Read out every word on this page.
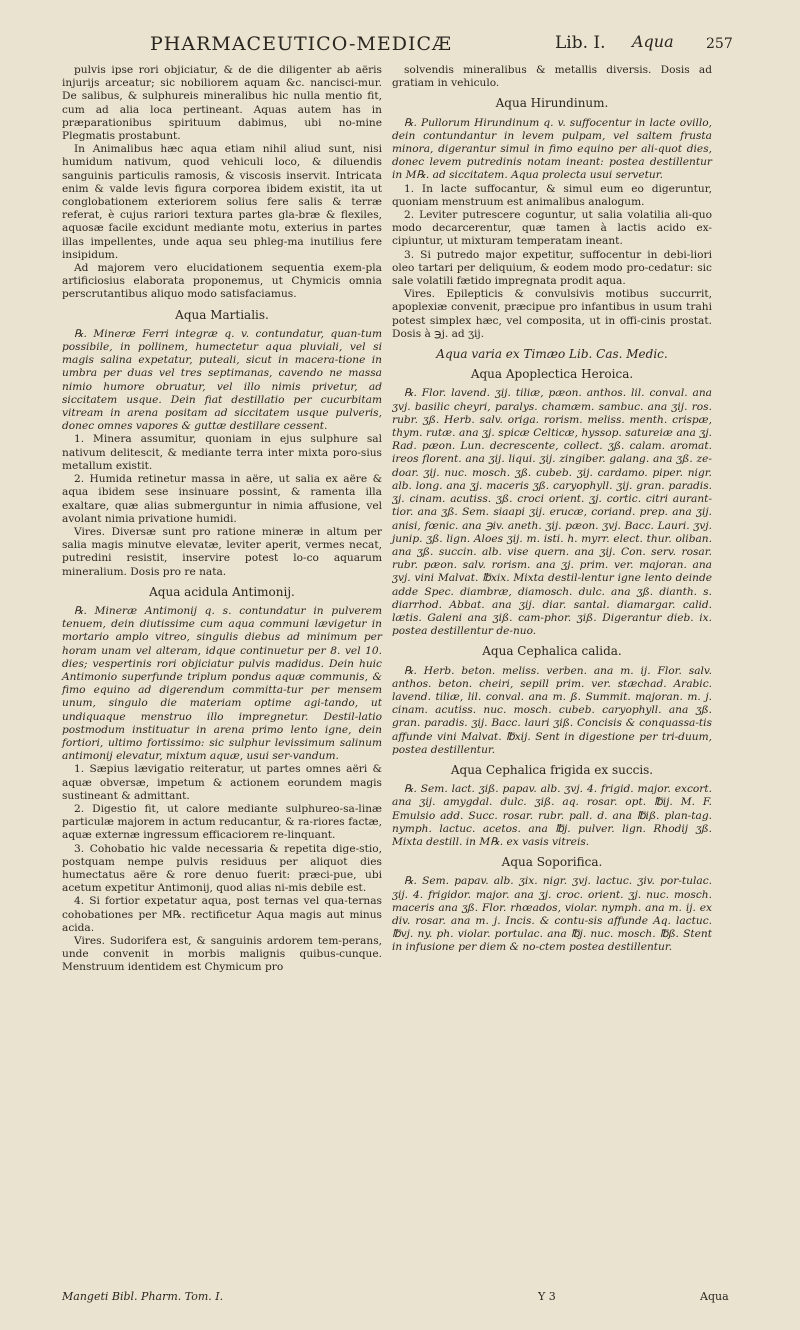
PHARMACEUTICO-MEDICÆ	Lib. I. Aqua 257

pulvis ipse rori objiciatur, & de die diligenter ab aëris injurijs arceatur; sic nobiliorem aquam &c. nancisci-mur. De salibus, & sulphureis mineralibus hic nulla mentio fit, cum ad alia loca pertineant. Aquas autem has in præparationibus spirituum dabimus, ubi no-mine Plegmatis prostabunt.

In Animalibus hæc aqua etiam nihil aliud sunt, nisi humidum nativum, quod vehiculi loco, & diluendis sanguinis particulis ramosis, & viscosis inservit. Intricata enim & valde levis figura corporea ibidem existit, ita ut conglobationem exteriorem solius fere salis & terræ referat, è cujus rariori textura partes gla-bræ & flexiles, aquosæ facile excidunt mediante motu, exterius in partes illas impellentes, unde aqua seu phleg-ma inutilius fere insipidum.

Ad majorem vero elucidationem sequentia exem-pla artificiosius elaborata proponemus, ut Chymicis omnia perscrutantibus aliquo modo satisfaciamus.

Aqua Martialis.

℞. Mineræ Ferri integræ q. v. contundatur, quan-tum possibile, in pollinem, humectetur aqua pluviali, vel si magis salina expetatur, puteali, sicut in macera-tione in umbra per duas vel tres septimanas, cavendo ne massa nimio humore obruatur, vel illo nimis privetur, ad siccitatem usque. Dein fiat destillatio per cucurbitam vitream in arena positam ad siccitatem usque pulveris, donec omnes vapores & guttæ destillare cessent.

1. Minera assumitur, quoniam in ejus sulphure sal nativum delitescit, & mediante terra inter mixta poro-sius metallum existit.

2. Humida retinetur massa in aëre, ut salia ex aëre & aqua ibidem sese insinuare possint, & ramenta illa exaltare, quæ alias submerguntur in nimia affusione, vel avolant nimia privatione humidi.

Vires. Diversæ sunt pro ratione mineræ in altum per salia magis minutve elevatæ, leviter aperit, vermes necat, putredini resistit, inservire potest lo-co aquarum mineralium. Dosis pro re nata.

Aqua acidula Antimonij.

℞. Mineræ Antimonij q. s. contundatur in pulverem tenuem, dein diutissime cum aqua communi lævigetur in mortario amplo vitreo, singulis diebus ad minimum per horam unam vel alteram, idque continuetur per 8. vel 10. dies; vespertinis rori objiciatur pulvis madidus. Dein huic Antimonio superfunde triplum pondus aquæ communis, & fimo equino ad digerendum committa-tur per mensem unum, singulo die materiam optime agi-tando, ut undiquaque menstruo illo impregnetur. Destil-latio postmodum instituatur in arena primo lento igne, dein fortiori, ultimo fortissimo: sic sulphur levissimum salinum antimonij elevatur, mixtum aquæ, usui ser-vandum.

1. Sæpius lævigatio reiteratur, ut partes omnes aëri & aquæ obversæ, impetum & actionem eorundem magis sustineant & admittant.

2. Digestio fit, ut calore mediante sulphureo-sa-linæ particulæ majorem in actum reducantur, & ra-riores factæ, aquæ externæ ingressum efficaciorem re-linquant.

3. Cohobatio hic valde necessaria & repetita dige-stio, postquam nempe pulvis residuus per aliquot dies humectatus aëre & rore denuo fuerit: præci-pue, ubi acetum expetitur Antimonij, quod alias ni-mis debile est.

4. Si fortior expetatur aqua, post ternas vel qua-ternas cohobationes per M℞. rectificetur Aqua magis aut minus acida.

Vires. Sudorifera est, & sanguinis ardorem tem-perans, unde convenit in morbis malignis quibus-cunque. Menstruum identidem est Chymicum pro

solvendis mineralibus & metallis diversis. Dosis ad gratiam in vehiculo.

Aqua Hirundinum.

℞. Pullorum Hirundinum q. v. suffocentur in lacte ovillo, dein contundantur in levem pulpam, vel saltem frusta minora, digerantur simul in fimo equino per ali-quot dies, donec levem putredinis notam ineant: postea destillentur in M℞. ad siccitatem. Aqua prolecta usui servetur.

1. In lacte suffocantur, & simul eum eo digeruntur, quoniam menstruum est animalibus analogum.

2. Leviter putrescere coguntur, ut salia volatilia ali-quo modo decarcerentur, quæ tamen à lactis acido ex-cipiuntur, ut mixturam temperatam ineant.

3. Si putredo major expetitur, suffocentur in debi-liori oleo tartari per deliquium, & eodem modo pro-cedatur: sic sale volatili fætido impregnata prodit aqua.

Vires. Epilepticis & convulsivis motibus succurrit, apoplexiæ convenit, præcipue pro infantibus in usum trahi potest simplex hæc, vel composita, ut in offi-cinis prostat. Dosis à ℈j. ad ʒij.

Aqua varia ex Timæo Lib. Cas. Medic.
Aqua Apoplectica Heroica.

℞. Flor. lavend. ʒij. tiliæ, pæon. anthos. lil. conval. ana ʒvj. basilic cheyri, paralys. chamæm. sambuc. ana ʒij. ros. rubr. ʒß. Herb. salv. origa. rorism. meliss. menth. crispæ, thym. rutæ. ana ʒj. spicæ Celticæ, hyssop. satureiæ ana ʒj. Rad. pæon. Lun. decrescente, collect. ʒß. calam. aromat. ireos florent. ana ʒij. liqui. ʒij. zingiber. galang. ana ʒß. ze-doar. ʒij. nuc. mosch. ʒß. cubeb. ʒij. cardamo. piper. nigr. alb. long. ana ʒj. maceris ʒß. caryophyll. ʒij. gran. paradis. ʒj. cinam. acutiss. ʒß. croci orient. ʒj. cortic. citri aurant-tior. ana ʒß. Sem. siaapi ʒij. erucæ, coriand. prep. ana ʒij. anisi, fœnic. ana ℈iv. aneth. ʒij. pæon. ʒvj. Bacc. Lauri. ʒvj. junip. ʒß. lign. Aloes ʒij. m. isti. h. myrr. elect. thur. oliban. ana ʒß. succin. alb. vise quern. ana ʒij. Con. serv. rosar. rubr. pæon. salv. rorism. ana ʒj. prim. ver. majoran. ana ʒvj. vini Malvat. ℔xix. Mixta destil-lentur igne lento deinde adde Spec. diambræ, diamosch. dulc. ana ʒß. dianth. s. diarrhod. Abbat. ana ʒij. diar. santal. diamargar. calid. lætis. Galeni ana ʒiß. cam-phor. ʒiß. Digerantur dieb. ix. postea destillentur de-nuo.

Aqua Cephalica calida.

℞. Herb. beton. meliss. verben. ana m. ij. Flor. salv. anthos. beton. cheiri, sepill prim. ver. stæchad. Arabic. lavend. tiliæ, lil. conval. ana m. ß. Summit. majoran. m. j. cinam. acutiss. nuc. mosch. cubeb. caryophyll. ana ʒß. gran. paradis. ʒij. Bacc. lauri ʒiß. Concisis & conquassa-tis affunde vini Malvat. ℔xij. Sent in digestione per tri-duum, postea destillentur.

Aqua Cephalica frigida ex succis.

℞. Sem. lact. ʒiß. papav. alb. ʒvj. 4. frigid. major. excort. ana ʒij. amygdal. dulc. ʒiß. aq. rosar. opt. ℔ij. M. F. Emulsio add. Succ. rosar. rubr. pall. d. ana ℔iß. plan-tag. nymph. lactuc. acetos. ana ℔j. pulver. lign. Rhodij ʒß. Mixta destill. in M℞. ex vasis vitreis.

Aqua Soporifica.

℞. Sem. papav. alb. ʒix. nigr. ʒvj. lactuc. ʒiv. por-tulac. ʒij. 4. frigidor. major. ana ʒj. croc. orient. ʒj. nuc. mosch. maceris ana ʒß. Flor. rhœados, violar. nymph. ana m. ij. ex div. rosar. ana m. j. Incis. & contu-sis affunde Aq. lactuc. ℔vj. ny. ph. violar. portulac. ana ℔j. nuc. mosch. ℔ß. Stent in infusione per diem & no-ctem postea destillentur.

Mangeti Bibl. Pharm. Tom. I.	Y 3	Aqua
